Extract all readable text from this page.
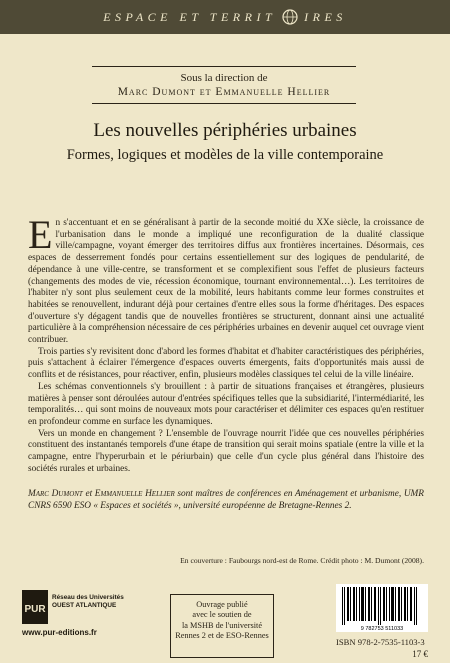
ESPACE ET TERRIT IRES
Sous la direction de
Marc Dumont et Emmanuelle Hellier
Les nouvelles périphéries urbaines
Formes, logiques et modèles de la ville contemporaine

En s'accentuant et en se généralisant à partir de la seconde moitié du XXe siècle, la croissance de l'urbanisation dans le monde a impliqué une reconfiguration de la dualité classique ville/campagne, voyant émerger des territoires diffus aux frontières incertaines. Désormais, ces espaces de desserrement fondés pour certains essentiellement sur des logiques de pendularité, de dépendance à une ville-centre, se transforment et se complexifient sous l'effet de plusieurs facteurs (changements des modes de vie, récession économique, tournant environnemental…). Les territoires de l'habiter n'y sont plus seulement ceux de la mobilité, leurs habitants comme leur formes construites et habitées se renouvellent, indurant déjà pour certaines d'entre elles sous la forme d'héritages. Des espaces d'ouverture s'y dégagent tandis que de nouvelles frontières se structurent, donnant ainsi une actualité particulière à la compréhension nécessaire de ces périphéries urbaines en devenir auquel cet ouvrage vient contribuer.

Trois parties s'y revisitent donc d'abord les formes d'habitat et d'habiter caractéristiques des périphéries, puis s'attachent à éclairer l'émergence d'espaces ouverts émergents, faits d'opportunités mais aussi de conflits et de résistances, pour réactiver, enfin, plusieurs modèles classiques tel celui de la ville linéaire.

Les schémas conventionnels s'y brouillent : à partir de situations françaises et étrangères, plusieurs matières à penser sont déroulées autour d'entrées spécifiques telles que la subsidiarité, l'intermédiarité, les temporalités… qui sont moins de nouveaux mots pour caractériser et délimiter ces espaces qu'en restituer en profondeur comme en surface les dynamiques.

Vers un monde en changement ? L'ensemble de l'ouvrage nourrit l'idée que ces nouvelles périphéries constituent des instantanés temporels d'une étape de transition qui serait moins spatiale (entre la ville et la campagne, entre l'hyperurbain et le périurbain) que celle d'un cycle plus général dans l'histoire des sociétés rurales et urbaines.

Marc Dumont et Emmanuelle Hellier sont maîtres de conférences en Aménagement et urbanisme, UMR CNRS 6590 ESO « Espaces et sociétés », université européenne de Bretagne-Rennes 2.
En couverture : Faubourgs nord-est de Rome. Crédit photo : M. Dumont (2008).
PUR
Réseau des Universités
OUEST ATLANTIQUE
www.pur-editions.fr
Ouvrage publié
avec le soutien de
la MSHB de l'université
Rennes 2 et de ESO-Rennes
9 782753 511033
ISBN 978-2-7535-1103-3
17 €
